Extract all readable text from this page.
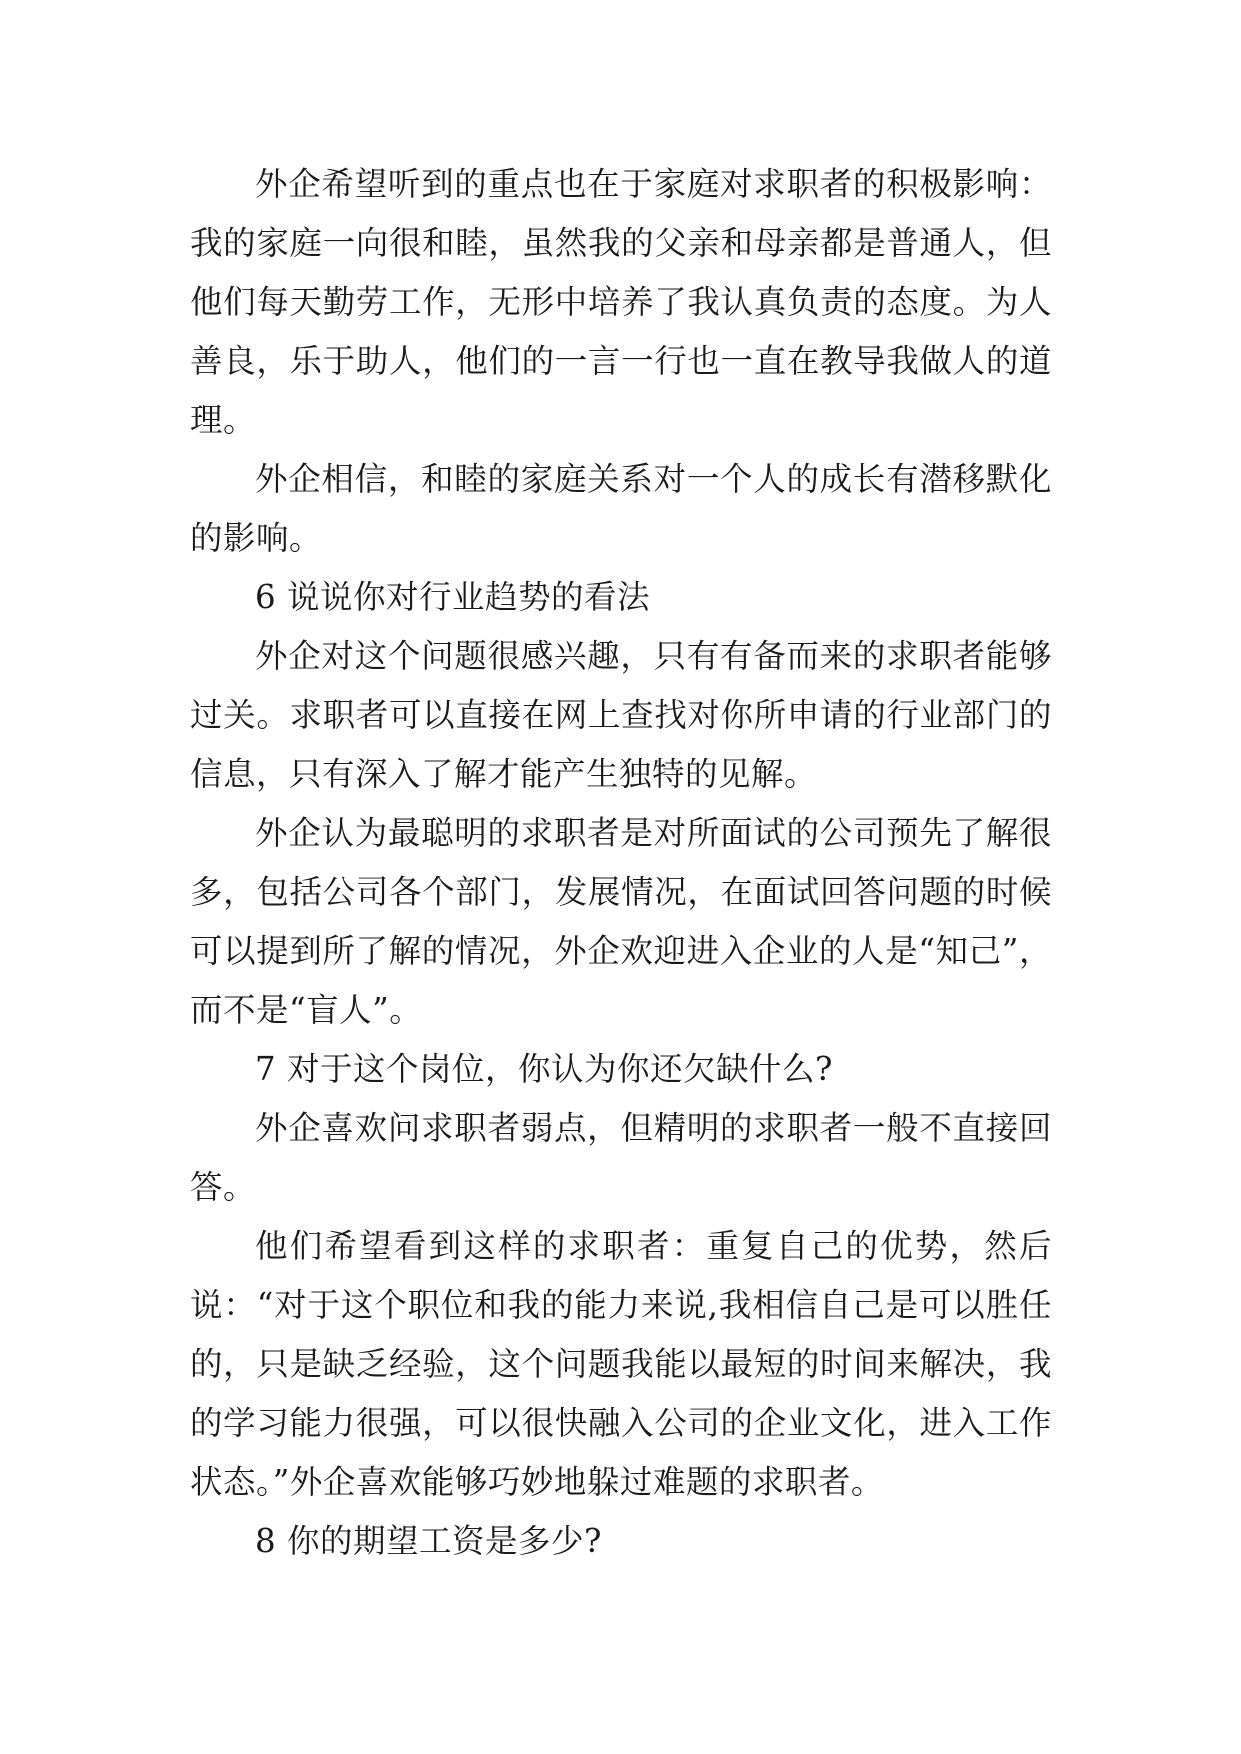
外企希望听到的重点也在于家庭对求职者的积极影响：我的家庭一向很和睦，虽然我的父亲和母亲都是普通人，但他们每天勤劳工作，无形中培养了我认真负责的态度。为人善良，乐于助人，他们的一言一行也一直在教导我做人的道理。

外企相信，和睦的家庭关系对一个人的成长有潜移默化的影响。

6 说说你对行业趋势的看法

外企对这个问题很感兴趣，只有有备而来的求职者能够过关。求职者可以直接在网上查找对你所申请的行业部门的信息，只有深入了解才能产生独特的见解。

外企认为最聪明的求职者是对所面试的公司预先了解很多，包括公司各个部门，发展情况，在面试回答问题的时候可以提到所了解的情况，外企欢迎进入企业的人是“知己”，而不是“盲人”。

7 对于这个岗位，你认为你还欠缺什么?

外企喜欢问求职者弱点，但精明的求职者一般不直接回答。

他们希望看到这样的求职者：重复自己的优势，然后说：“对于这个职位和我的能力来说,我相信自己是可以胜任的，只是缺乏经验，这个问题我能以最短的时间来解决，我的学习能力很强，可以很快融入公司的企业文化，进入工作状态。”外企喜欢能够巧妙地躲过难题的求职者。

8 你的期望工资是多少?
